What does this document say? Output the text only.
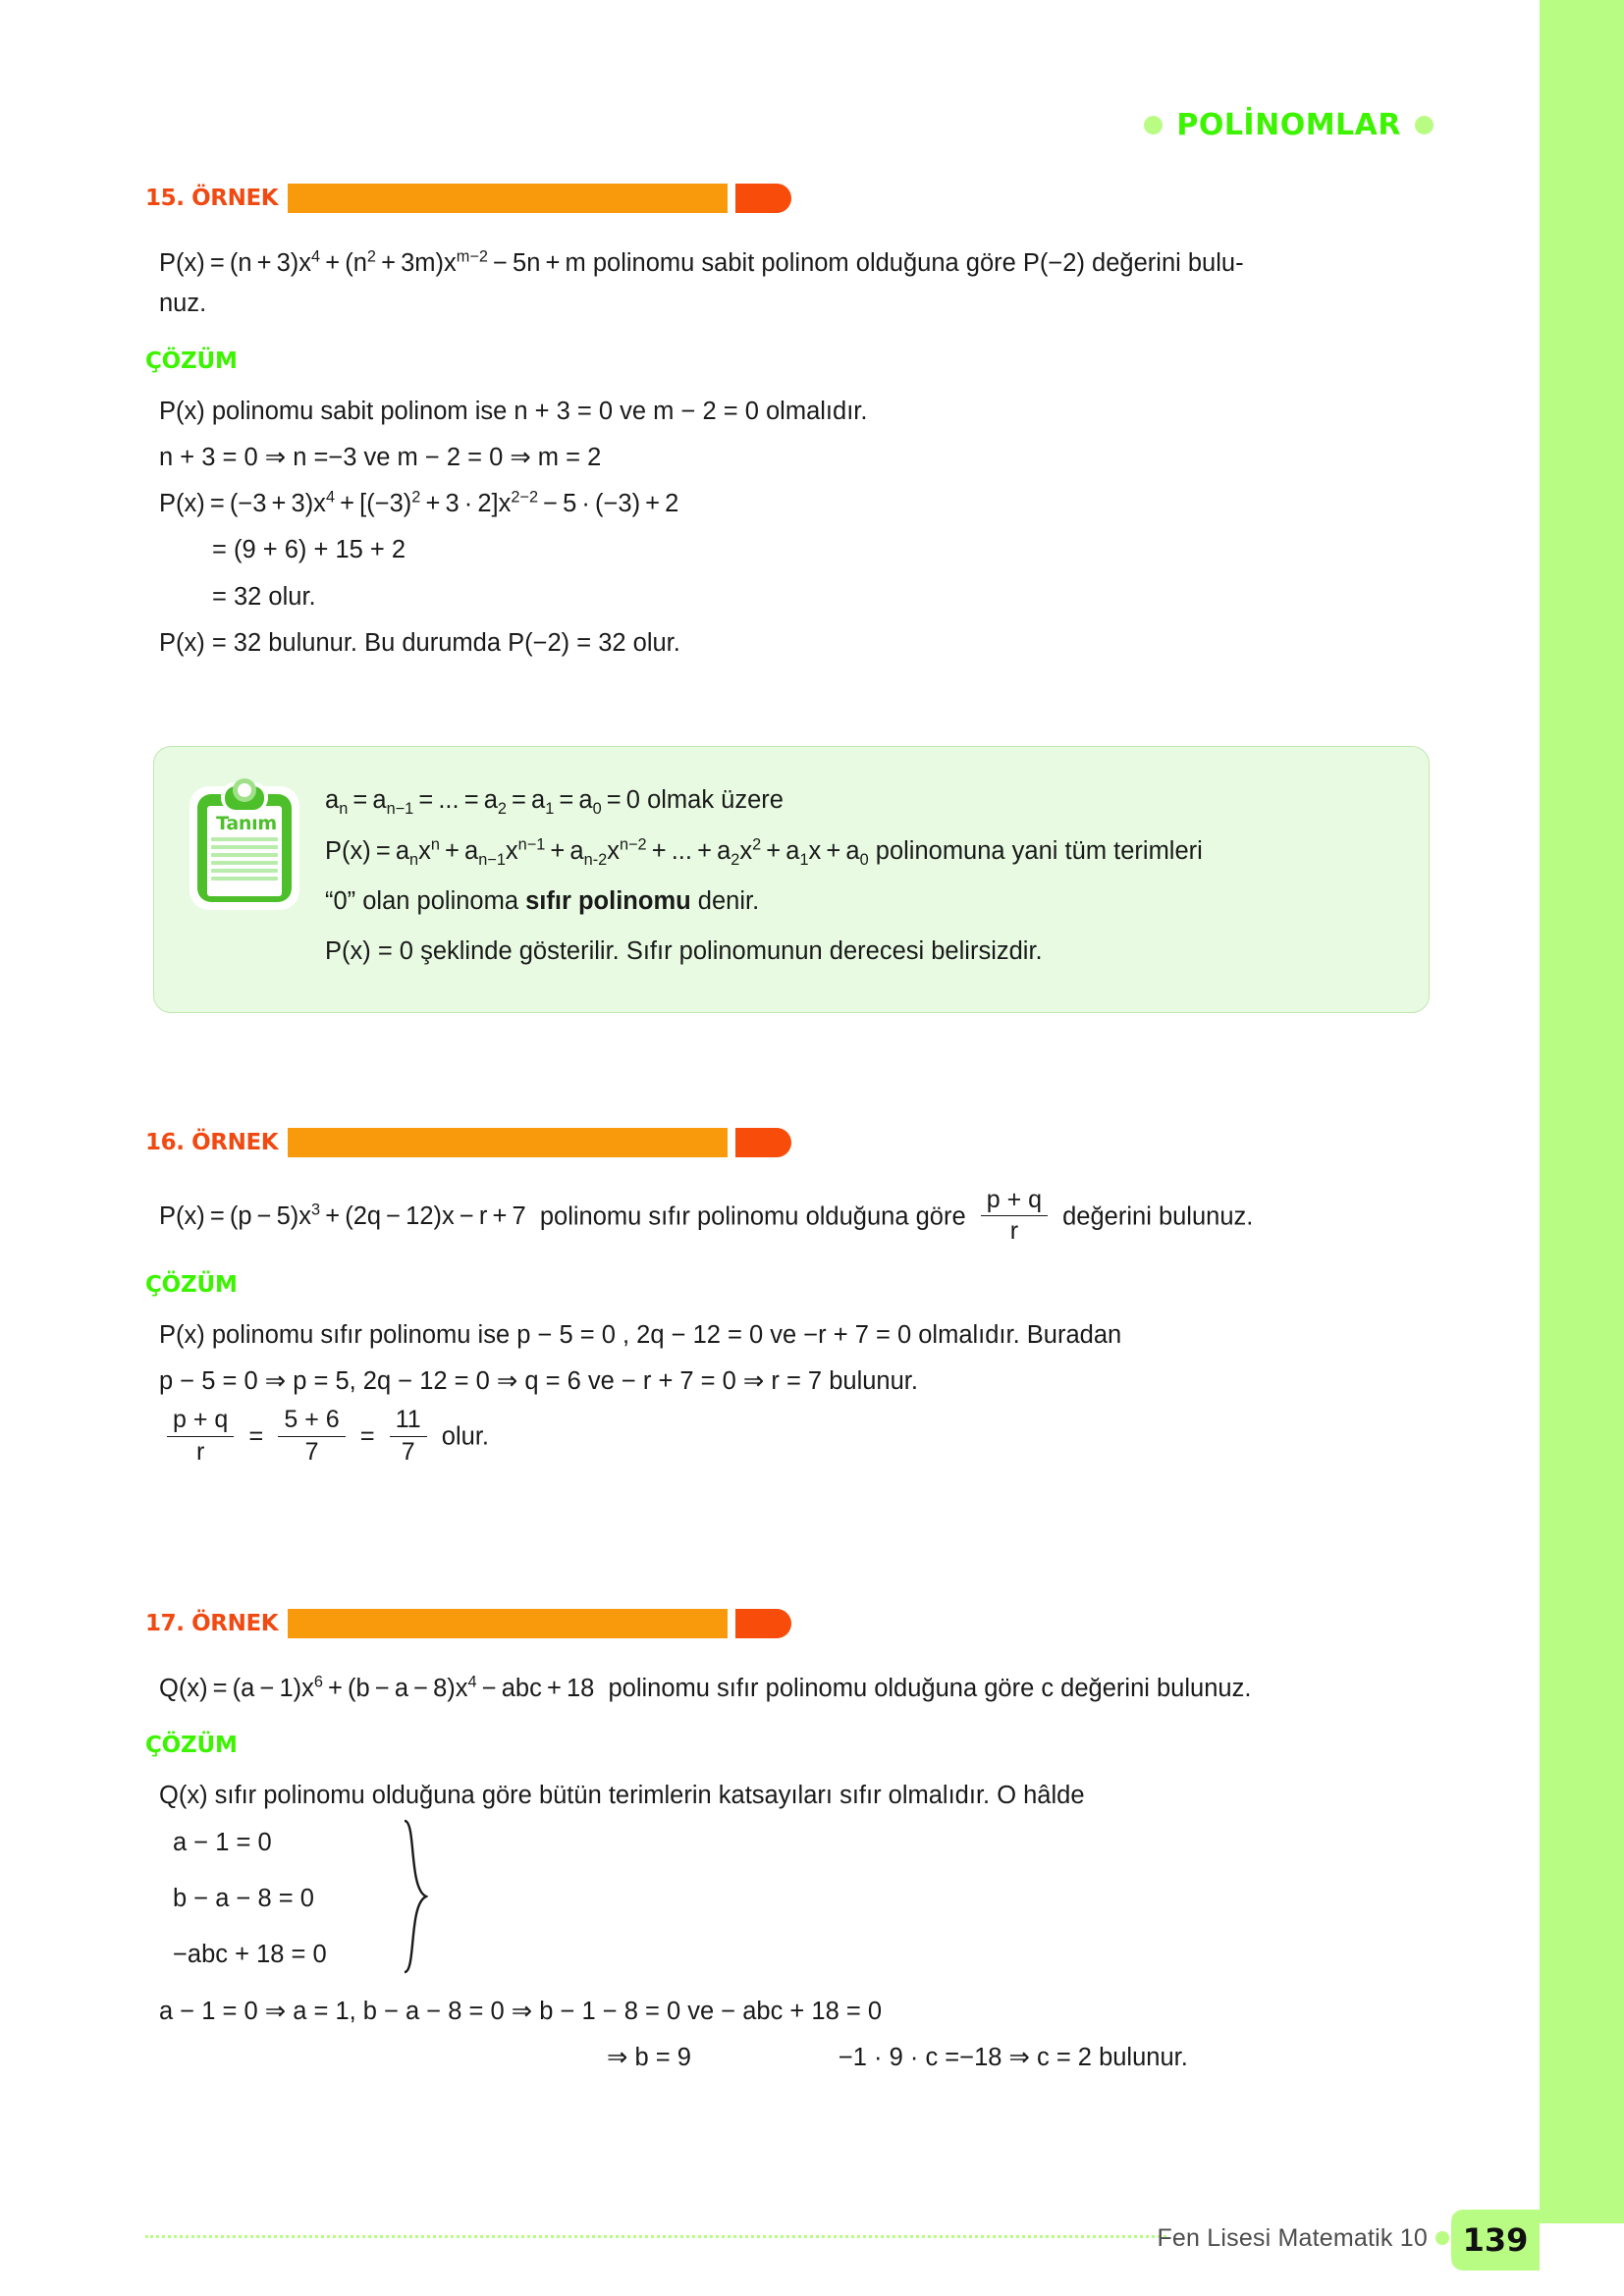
POLİNOMLAR
15. ÖRNEK
$P(x) = (n + 3)x^4 + (n^2 + 3m)x^{m-2} - 5n + m$ polinomu sabit polinom olduğuna göre P(−2) değerini bulu-
nuz.
ÇÖZÜM
P(x) polinomu sabit polinom ise n + 3 = 0 ve m − 2 = 0 olmalıdır.
n + 3 = 0 ⇒ n =−3 ve m − 2 = 0 ⇒ m = 2
$P(x) = (-3 + 3)x^4 + [(-3)^2 + 3 \cdot 2]x^{2-2} - 5 \cdot (-3) + 2$
= (9 + 6) + 15 + 2
= 32 olur.
P(x) = 32 bulunur. Bu durumda P(−2) = 32 olur.
Tanım
$a_n = a_{n-1}$ = ... = $a_2 = a_1 = a_0 = 0$ olmak üzere
$P(x) = a_nx^n + a_{n-1}x^{n-1} + a_{n-2}x^{n-2}$ + ... + $a_2x^2 + a_1x + a_0$ polinomuna yani tüm terimleri
“0” olan polinoma sıfır polinomu denir.
P(x) = 0 şeklinde gösterilir. Sıfır polinomunun derecesi belirsizdir.
16. ÖRNEK
$P(x) = (p - 5)x^3 + (2q - 12)x - r + 7$  polinomu sıfır polinomu olduğuna göre $\frac{p + q}{r}$ değerini bulunuz.
ÇÖZÜM
P(x) polinomu sıfır polinomu ise p − 5 = 0 , 2q − 12 = 0 ve −r + 7 = 0 olmalıdır. Buradan
p − 5 = 0 ⇒ p = 5, 2q − 12 = 0 ⇒ q = 6 ve − r + 7 = 0 ⇒ r = 7 bulunur.
$\frac{p + q}{r} = \frac{5 + 6}{7} = \frac{11}{7}$ olur.
17. ÖRNEK
$Q(x) = (a - 1)x^6 + (b - a - 8)x^4$ − abc + 18  polinomu sıfır polinomu olduğuna göre c değerini bulunuz.
ÇÖZÜM
Q(x) sıfır polinomu olduğuna göre bütün terimlerin katsayıları sıfır olmalıdır. O hâlde
a − 1 = 0
b − a − 8 = 0
−abc + 18 = 0
a − 1 = 0 ⇒ a = 1, b − a − 8 = 0 ⇒ b − 1 − 8 = 0 ve − abc + 18 = 0
⇒ b = 9	−1 · 9 · c =−18 ⇒ c = 2 bulunur.
Fen Lisesi Matematik 10 139
